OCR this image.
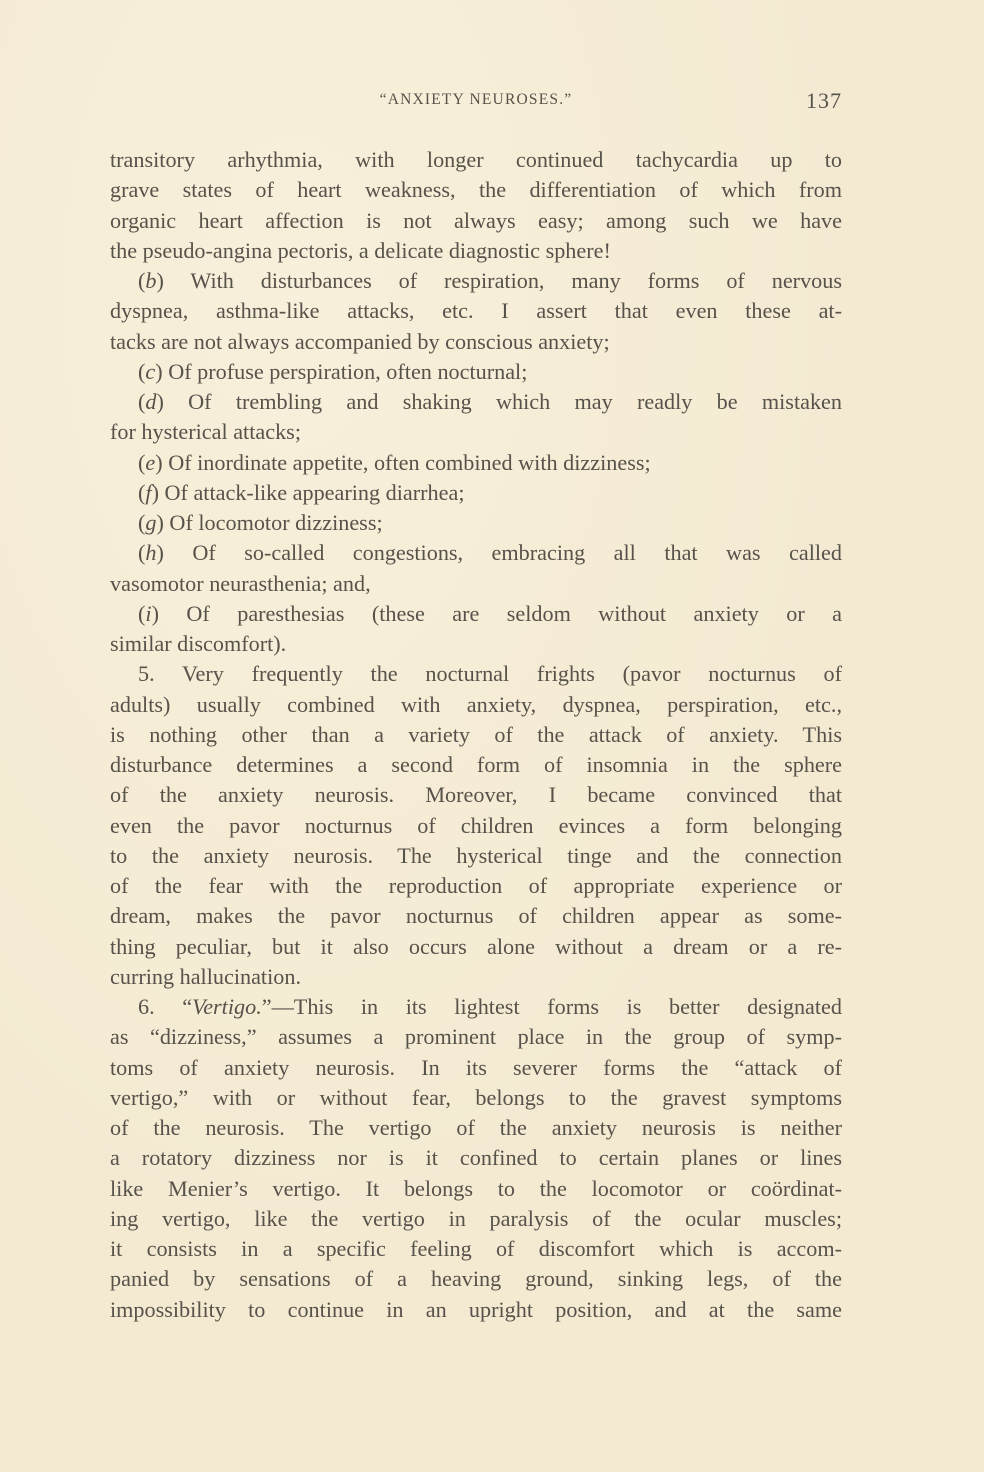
“ANXIETY NEUROSES.”	137
transitory arhythmia, with longer continued tachycardia up to
grave states of heart weakness, the differentiation of which from
organic heart affection is not always easy; among such we have
the pseudo-angina pectoris, a delicate diagnostic sphere!
(b) With disturbances of respiration, many forms of nervous
dyspnea, asthma-like attacks, etc. I assert that even these at-
tacks are not always accompanied by conscious anxiety;
(c) Of profuse perspiration, often nocturnal;
(d) Of trembling and shaking which may readly be mistaken
for hysterical attacks;
(e) Of inordinate appetite, often combined with dizziness;
(f) Of attack-like appearing diarrhea;
(g) Of locomotor dizziness;
(h) Of so-called congestions, embracing all that was called
vasomotor neurasthenia; and,
(i) Of paresthesias (these are seldom without anxiety or a
similar discomfort).
5. Very frequently the nocturnal frights (pavor nocturnus of
adults) usually combined with anxiety, dyspnea, perspiration, etc.,
is nothing other than a variety of the attack of anxiety. This
disturbance determines a second form of insomnia in the sphere
of the anxiety neurosis. Moreover, I became convinced that
even the pavor nocturnus of children evinces a form belonging
to the anxiety neurosis. The hysterical tinge and the connection
of the fear with the reproduction of appropriate experience or
dream, makes the pavor nocturnus of children appear as some-
thing peculiar, but it also occurs alone without a dream or a re-
curring hallucination.
6. “Vertigo.”—This in its lightest forms is better designated
as “dizziness,” assumes a prominent place in the group of symp-
toms of anxiety neurosis. In its severer forms the “attack of
vertigo,” with or without fear, belongs to the gravest symptoms
of the neurosis. The vertigo of the anxiety neurosis is neither
a rotatory dizziness nor is it confined to certain planes or lines
like Menier’s vertigo. It belongs to the locomotor or coördinat-
ing vertigo, like the vertigo in paralysis of the ocular muscles;
it consists in a specific feeling of discomfort which is accom-
panied by sensations of a heaving ground, sinking legs, of the
impossibility to continue in an upright position, and at the same
